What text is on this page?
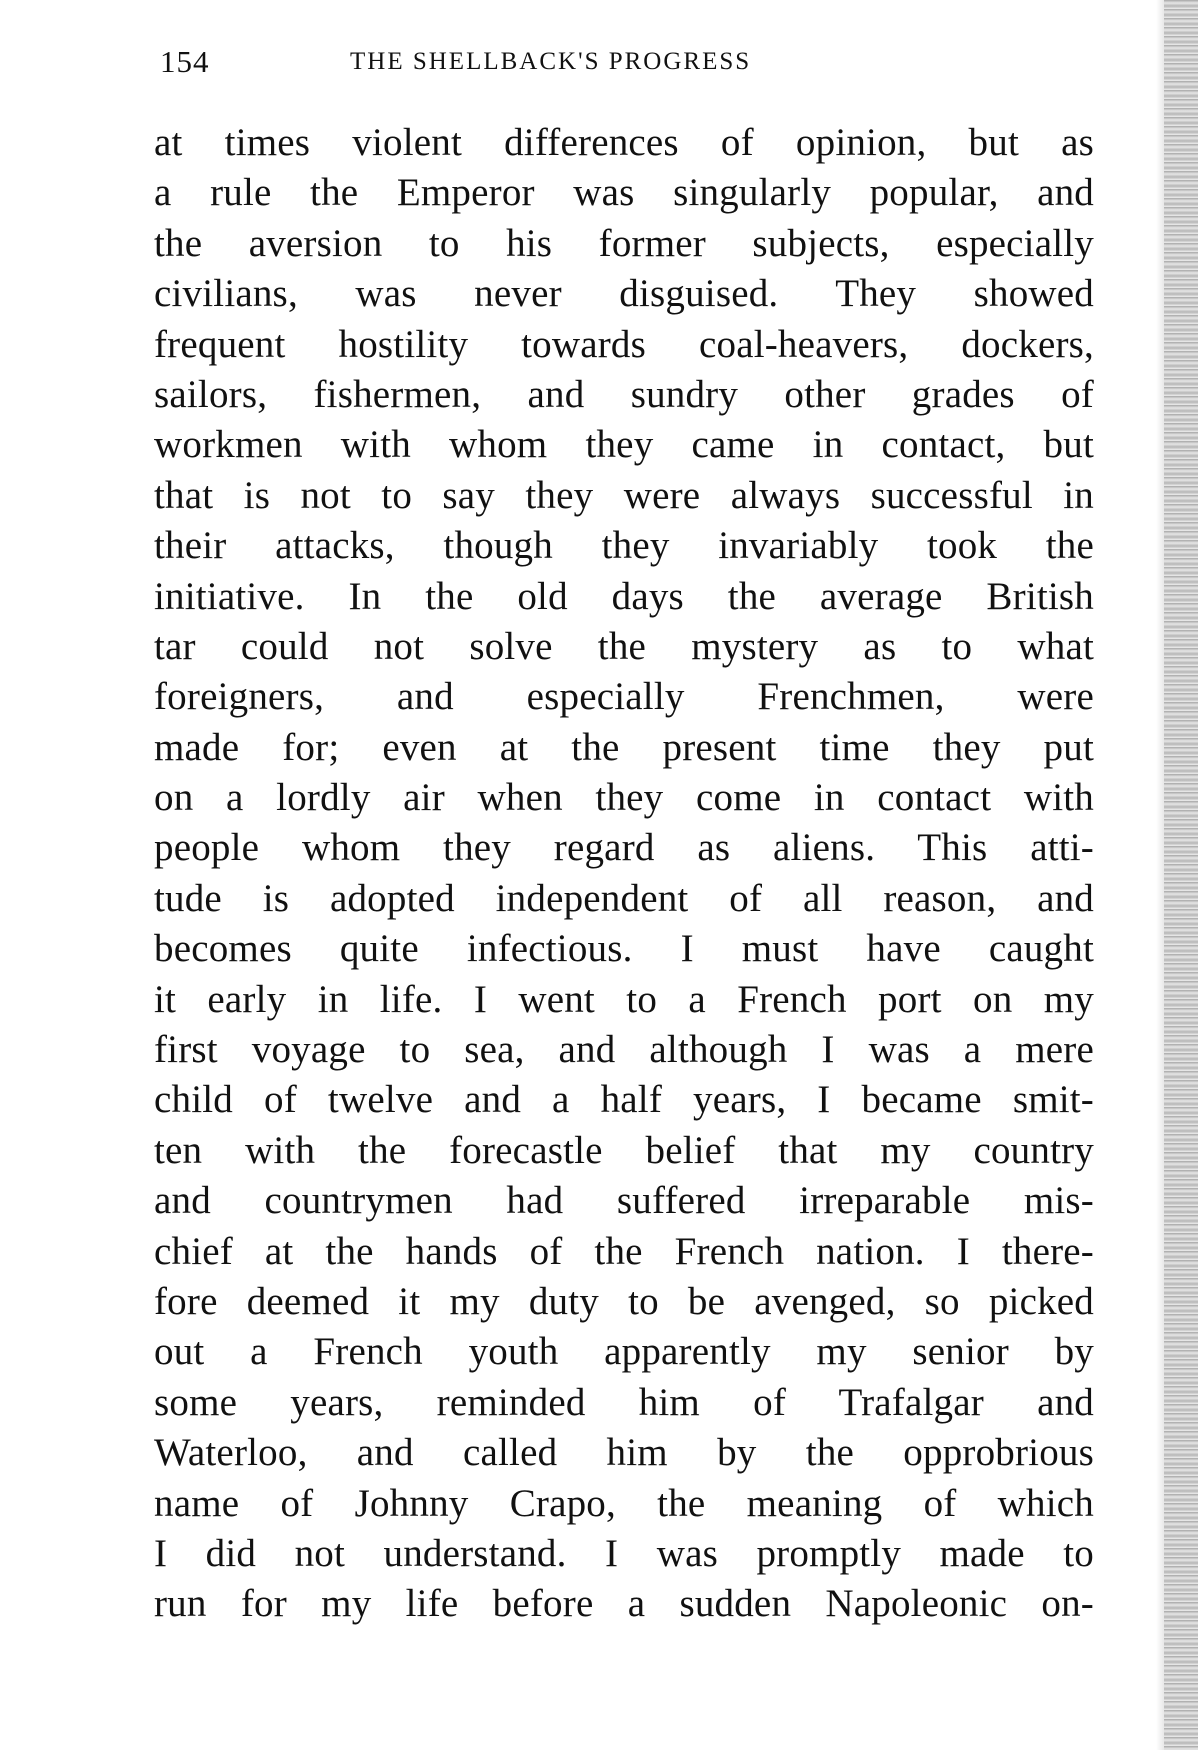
154	THE SHELLBACK'S PROGRESS
at times violent differences of opinion, but as
a rule the Emperor was singularly popular, and
the aversion to his former subjects, especially
civilians, was never disguised. They showed
frequent hostility towards coal-heavers, dockers,
sailors, fishermen, and sundry other grades of
workmen with whom they came in contact, but
that is not to say they were always successful in
their attacks, though they invariably took the
initiative. In the old days the average British
tar could not solve the mystery as to what
foreigners, and especially Frenchmen, were
made for; even at the present time they put
on a lordly air when they come in contact with
people whom they regard as aliens. This atti-
tude is adopted independent of all reason, and
becomes quite infectious. I must have caught
it early in life. I went to a French port on my
first voyage to sea, and although I was a mere
child of twelve and a half years, I became smit-
ten with the forecastle belief that my country
and countrymen had suffered irreparable mis-
chief at the hands of the French nation. I there-
fore deemed it my duty to be avenged, so picked
out a French youth apparently my senior by
some years, reminded him of Trafalgar and
Waterloo, and called him by the opprobrious
name of Johnny Crapo, the meaning of which
I did not understand. I was promptly made to
run for my life before a sudden Napoleonic on-
